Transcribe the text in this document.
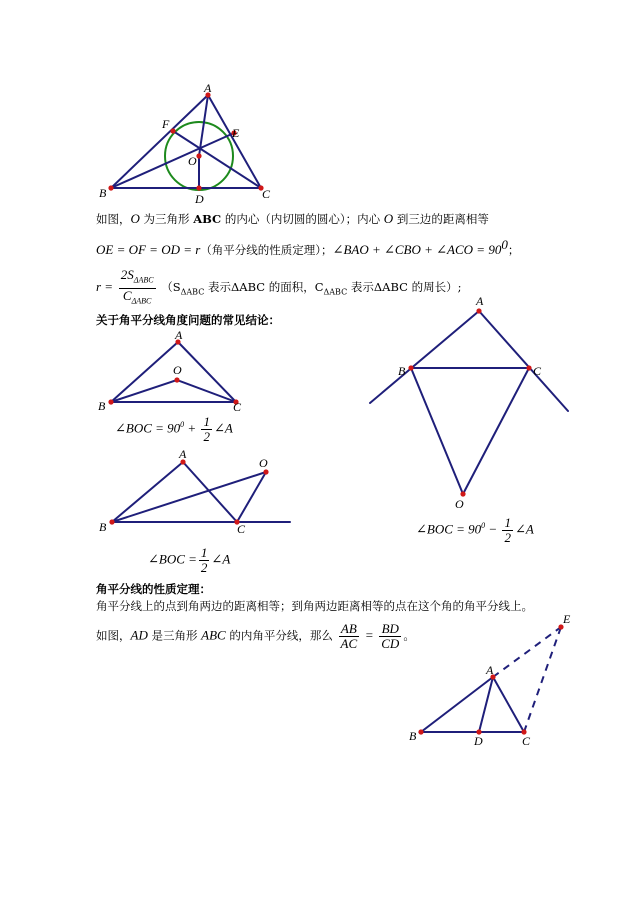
A
B	C
D
E
F
O
如图，O 为三角形 ABC 的内心（内切圆的圆心）；内心 O 到三边的距离相等
OE = OF = OD = r（角平分线的性质定理）；∠BAO + ∠CBO + ∠ACO = $90^0$；
$r = \frac{2S_{\Delta ABC}}{C_{\Delta ABC}} (S_{\Delta ABC}$ 表示ΔABC 的面积，$C_{\Delta ABC}$ 表示ΔABC 的周长）;
关于角平分线角度问题的常见结论：
A
B	C
O
∠BOC = $90^0 + \frac{1}{2}$ ∠A
A
B	C
O
∠BOC = $\frac{1}{2}$ ∠A
A
B	C
O
∠BOC = $90^0 - \frac{1}{2}$ ∠A
角平分线的性质定理：
角平分线上的点到角两边的距离相等；到角两边距离相等的点在这个角的角平分线上。
如图，AD 是三角形 ABC 的内角平分线，那么 $\frac{AB}{AC} = \frac{BD}{CD}$ 。
A
B	C
D
E
